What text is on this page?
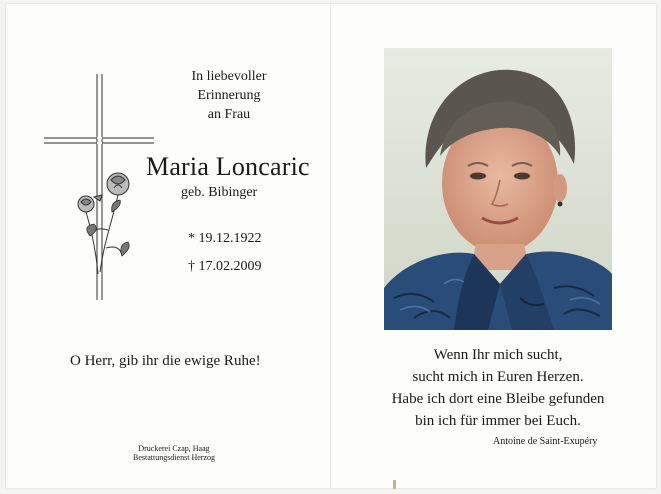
In liebevoller
Erinnerung
an Frau
Maria Loncaric
geb. Bibinger
* 19.12.1922
† 17.02.2009
O Herr, gib ihr die ewige Ruhe!
Druckerei Czap, Haag
Bestattungsdienst Herzog
Wenn Ihr mich sucht,
sucht mich in Euren Herzen.
Habe ich dort eine Bleibe gefunden
bin ich für immer bei Euch.
Antoine de Saint-Exupéry
